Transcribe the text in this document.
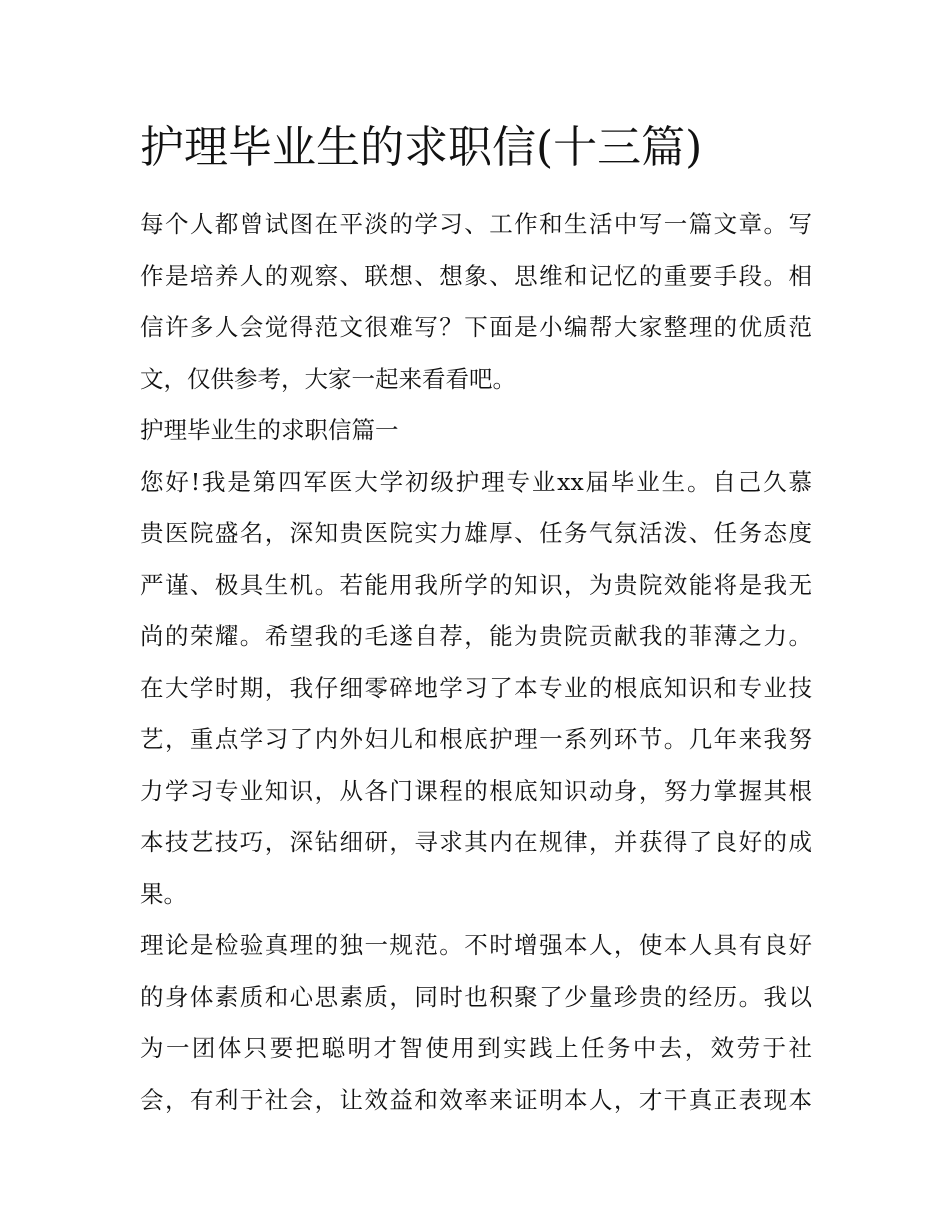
护理毕业生的求职信(十三篇)
每个人都曾试图在平淡的学习、工作和生活中写一篇文章。写
作是培养人的观察、联想、想象、思维和记忆的重要手段。相
信许多人会觉得范文很难写？下面是小编帮大家整理的优质范
文，仅供参考，大家一起来看看吧。
护理毕业生的求职信篇一
您好!我是第四军医大学初级护理专业xx届毕业生。自己久慕
贵医院盛名，深知贵医院实力雄厚、任务气氛活泼、任务态度
严谨、极具生机。若能用我所学的知识，为贵院效能将是我无
尚的荣耀。希望我的毛遂自荐，能为贵院贡献我的菲薄之力。
在大学时期，我仔细零碎地学习了本专业的根底知识和专业技
艺，重点学习了内外妇儿和根底护理一系列环节。几年来我努
力学习专业知识，从各门课程的根底知识动身，努力掌握其根
本技艺技巧，深钻细研，寻求其内在规律，并获得了良好的成
果。
理论是检验真理的独一规范。不时增强本人，使本人具有良好
的身体素质和心思素质，同时也积聚了少量珍贵的经历。我以
为一团体只要把聪明才智使用到实践上任务中去，效劳于社
会，有利于社会，让效益和效率来证明本人，才干真正表现本
